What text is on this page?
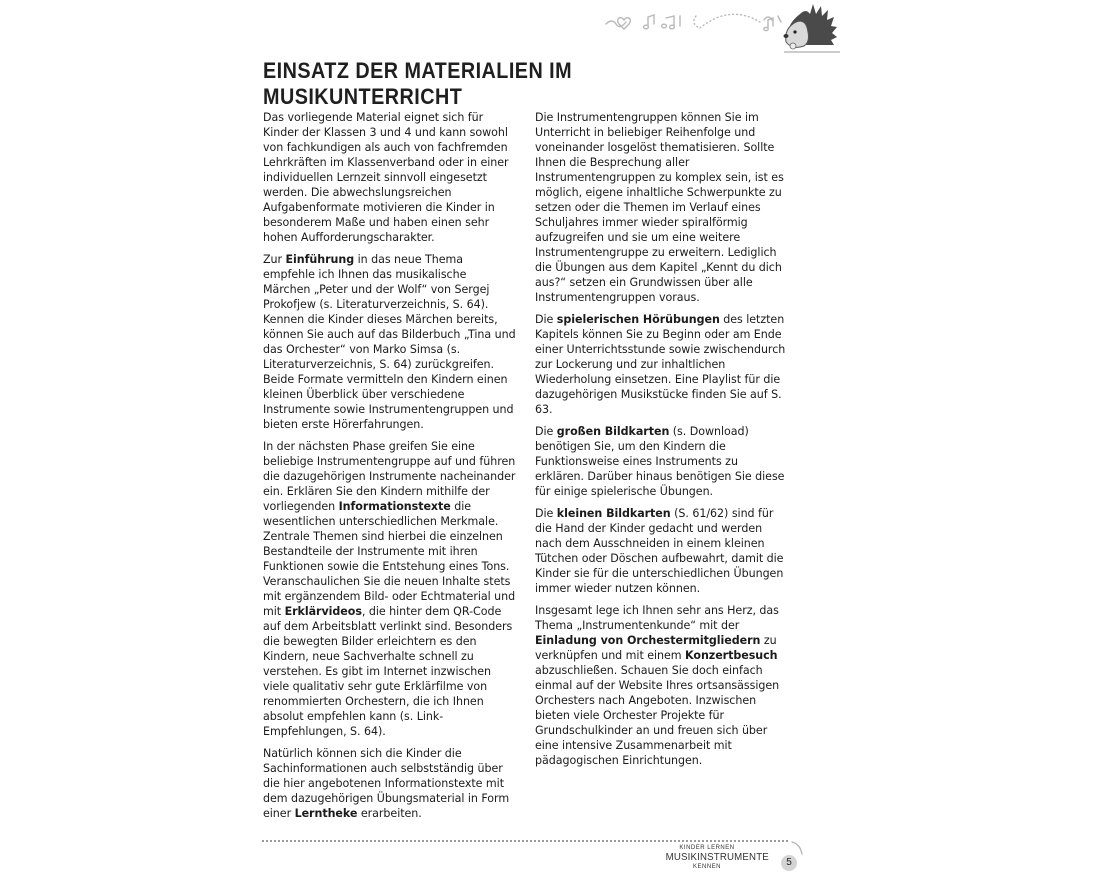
EINSATZ DER MATERIALIEN IM MUSIKUNTERRICHT

Das vorliegende Material eignet sich für Kinder der Klassen 3 und 4 und kann sowohl von fachkundigen als auch von fachfremden Lehrkräften im Klassenverband oder in einer individuellen Lernzeit sinnvoll eingesetzt werden. Die abwechslungsreichen Aufgabenformate motivieren die Kinder in besonderem Maße und haben einen sehr hohen Aufforderungscharakter.

Zur Einführung in das neue Thema empfehle ich Ihnen das musikalische Märchen „Peter und der Wolf“ von Sergej Prokofjew (s. Literaturverzeichnis, S. 64). Kennen die Kinder dieses Märchen bereits, können Sie auch auf das Bilderbuch „Tina und das Orchester“ von Marko Simsa (s. Literaturverzeichnis, S. 64) zurückgreifen. Beide Formate vermitteln den Kindern einen kleinen Überblick über verschiedene Instrumente sowie Instrumentengruppen und bieten erste Hörerfahrungen.

In der nächsten Phase greifen Sie eine beliebige Instrumentengruppe auf und führen die dazugehörigen Instrumente nacheinander ein. Erklären Sie den Kindern mithilfe der vorliegenden Informationstexte die wesentlichen unterschiedlichen Merkmale. Zentrale Themen sind hierbei die einzelnen Bestandteile der Instrumente mit ihren Funktionen sowie die Entstehung eines Tons. Veranschaulichen Sie die neuen Inhalte stets mit ergänzendem Bild- oder Echtmaterial und mit Erklärvideos, die hinter dem QR-Code auf dem Arbeitsblatt verlinkt sind. Besonders die bewegten Bilder erleichtern es den Kindern, neue Sachverhalte schnell zu verstehen. Es gibt im Internet inzwischen viele qualitativ sehr gute Erklärfilme von renommierten Orchestern, die ich Ihnen absolut empfehlen kann (s. Link-Empfehlungen, S. 64).

Natürlich können sich die Kinder die Sachinformationen auch selbstständig über die hier angebotenen Informationstexte mit dem dazugehörigen Übungsmaterial in Form einer Lerntheke erarbeiten.

Die Instrumentengruppen können Sie im Unterricht in beliebiger Reihenfolge und voneinander losgelöst thematisieren. Sollte Ihnen die Besprechung aller Instrumentengruppen zu komplex sein, ist es möglich, eigene inhaltliche Schwerpunkte zu setzen oder die Themen im Verlauf eines Schuljahres immer wieder spiralförmig aufzugreifen und sie um eine weitere Instrumentengruppe zu erweitern. Lediglich die Übungen aus dem Kapitel „Kennt du dich aus?“ setzen ein Grundwissen über alle Instrumentengruppen voraus.

Die spielerischen Hörübungen des letzten Kapitels können Sie zu Beginn oder am Ende einer Unterrichtsstunde sowie zwischendurch zur Lockerung und zur inhaltlichen Wiederholung einsetzen. Eine Playlist für die dazugehörigen Musikstücke finden Sie auf S. 63.

Die großen Bildkarten (s. Download) benötigen Sie, um den Kindern die Funktionsweise eines Instruments zu erklären. Darüber hinaus benötigen Sie diese für einige spielerische Übungen.

Die kleinen Bildkarten (S. 61/62) sind für die Hand der Kinder gedacht und werden nach dem Ausschneiden in einem kleinen Tütchen oder Döschen aufbewahrt, damit die Kinder sie für die unterschiedlichen Übungen immer wieder nutzen können.

Insgesamt lege ich Ihnen sehr ans Herz, das Thema „Instrumentenkunde“ mit der Einladung von Orchestermitgliedern zu verknüpfen und mit einem Konzertbesuch abzuschließen. Schauen Sie doch einfach einmal auf der Website Ihres ortsansässigen Orchesters nach Angeboten. Inzwischen bieten viele Orchester Projekte für Grundschulkinder an und freuen sich über eine intensive Zusammenarbeit mit pädagogischen Einrichtungen.

KINDER LERNEN
MUSIKINSTRUMENTE
KENNEN	5
